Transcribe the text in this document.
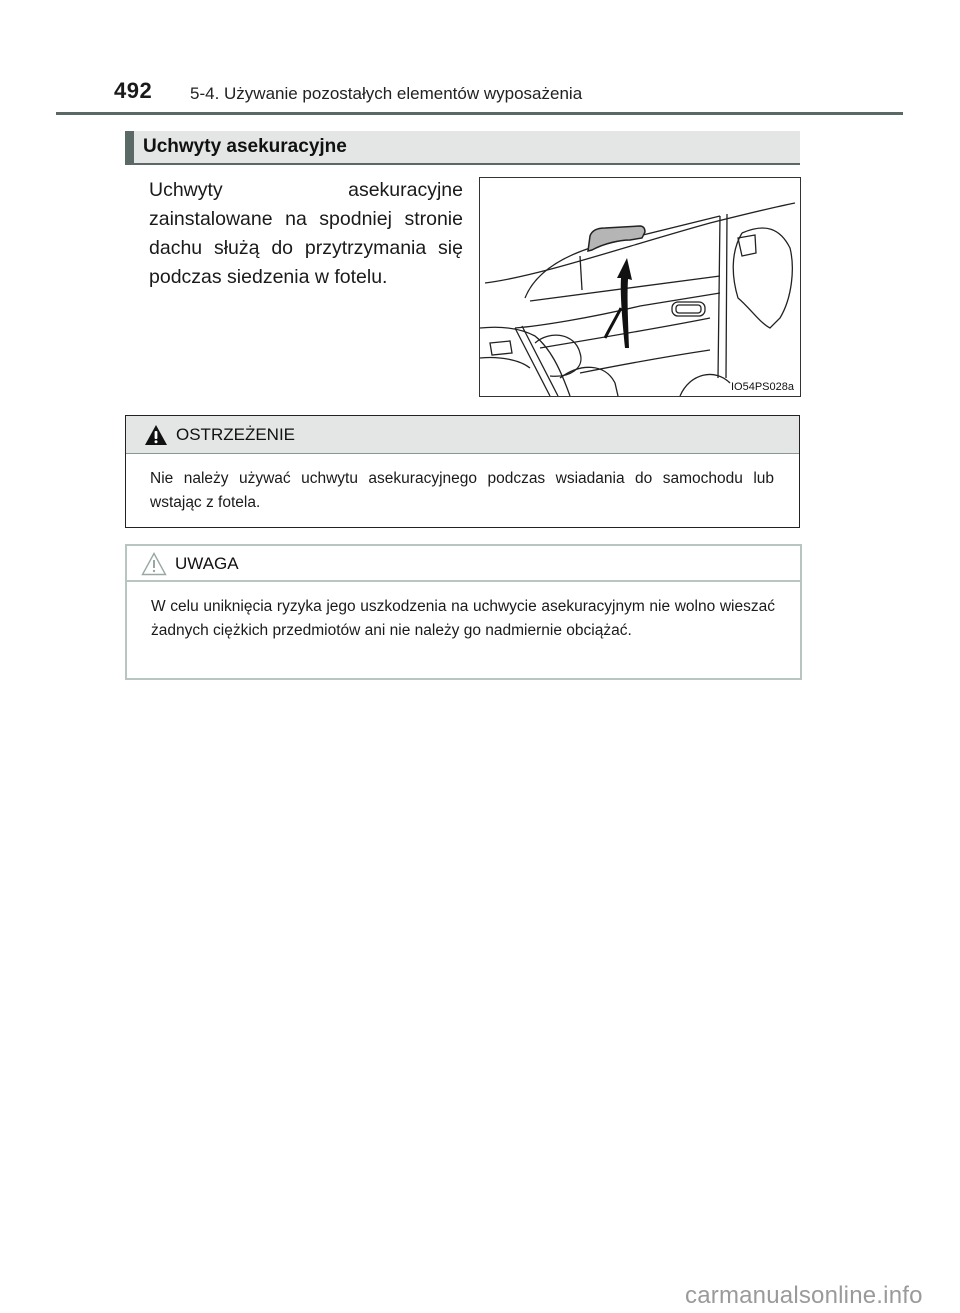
492 5-4. Używanie pozostałych elementów wyposażenia
Uchwyty asekuracyjne
Uchwyty asekuracyjne zainstalowane na spodniej stronie dachu służą do przytrzymania się podczas siedzenia w fotelu.
IO54PS028a
OSTRZEŻENIE
Nie należy używać uchwytu asekuracyjnego podczas wsiadania do samochodu lub wstając z fotela.
UWAGA
W celu uniknięcia ryzyka jego uszkodzenia na uchwycie asekuracyjnym nie wolno wieszać żadnych ciężkich przedmiotów ani nie należy go nadmiernie obciążać.
carmanualsonline.info
